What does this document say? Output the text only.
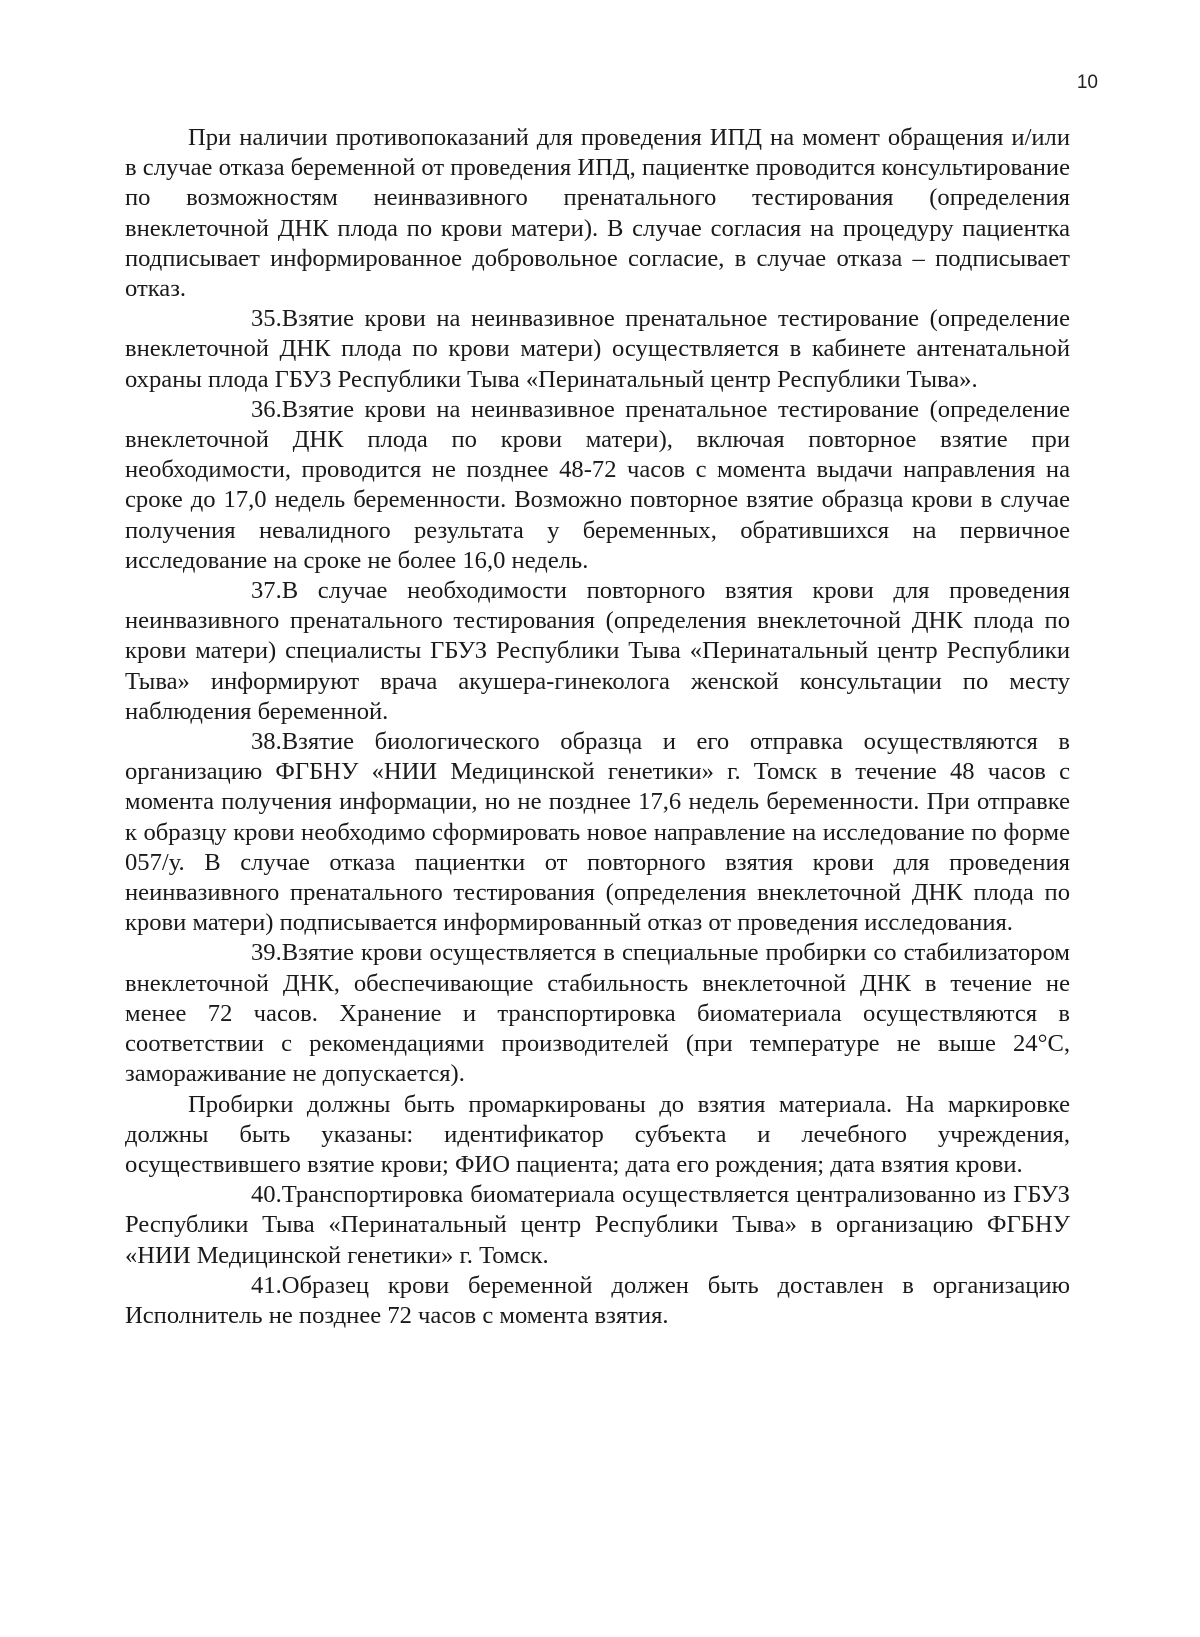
10

При наличии противопоказаний для проведения ИПД на момент обращения и/или в случае отказа беременной от проведения ИПД, пациентке проводится консультирование по возможностям неинвазивного пренатального тестирования (определения внеклеточной ДНК плода по крови матери). В случае согласия на процедуру пациентка подписывает информированное добровольное согласие, в случае отказа – подписывает отказ.

35.Взятие крови на неинвазивное пренатальное тестирование (определение внеклеточной ДНК плода по крови матери) осуществляется в кабинете антенатальной охраны плода ГБУЗ Республики Тыва «Перинатальный центр Республики Тыва».

36.Взятие крови на неинвазивное пренатальное тестирование (определение внеклеточной ДНК плода по крови матери), включая повторное взятие при необходимости, проводится не позднее 48-72 часов с момента выдачи направления на сроке до 17,0 недель беременности. Возможно повторное взятие образца крови в случае получения невалидного результата у беременных, обратившихся на первичное исследование на сроке не более 16,0 недель.

37.В случае необходимости повторного взятия крови для проведения неинвазивного пренатального тестирования (определения внеклеточной ДНК плода по крови матери) специалисты ГБУЗ Республики Тыва «Перинатальный центр Республики Тыва» информируют врача акушера-гинеколога женской консультации по месту наблюдения беременной.

38.Взятие биологического образца и его отправка осуществляются в организацию ФГБНУ «НИИ Медицинской генетики» г. Томск в течение 48 часов с момента получения информации, но не позднее 17,6 недель беременности. При отправке к образцу крови необходимо сформировать новое направление на исследование по форме 057/у. В случае отказа пациентки от повторного взятия крови для проведения неинвазивного пренатального тестирования (определения внеклеточной ДНК плода по крови матери) подписывается информированный отказ от проведения исследования.

39.Взятие крови осуществляется в специальные пробирки со стабилизатором внеклеточной ДНК, обеспечивающие стабильность внеклеточной ДНК в течение не менее 72 часов. Хранение и транспортировка биоматериала осуществляются в соответствии с рекомендациями производителей (при температуре не выше 24°С, замораживание не допускается).

Пробирки должны быть промаркированы до взятия материала. На маркировке должны быть указаны: идентификатор субъекта и лечебного учреждения, осуществившего взятие крови; ФИО пациента; дата его рождения; дата взятия крови.

40.Транспортировка биоматериала осуществляется централизованно из ГБУЗ Республики Тыва «Перинатальный центр Республики Тыва» в организацию ФГБНУ «НИИ Медицинской генетики» г. Томск.

41.Образец крови беременной должен быть доставлен в организацию Исполнитель не позднее 72 часов с момента взятия.
